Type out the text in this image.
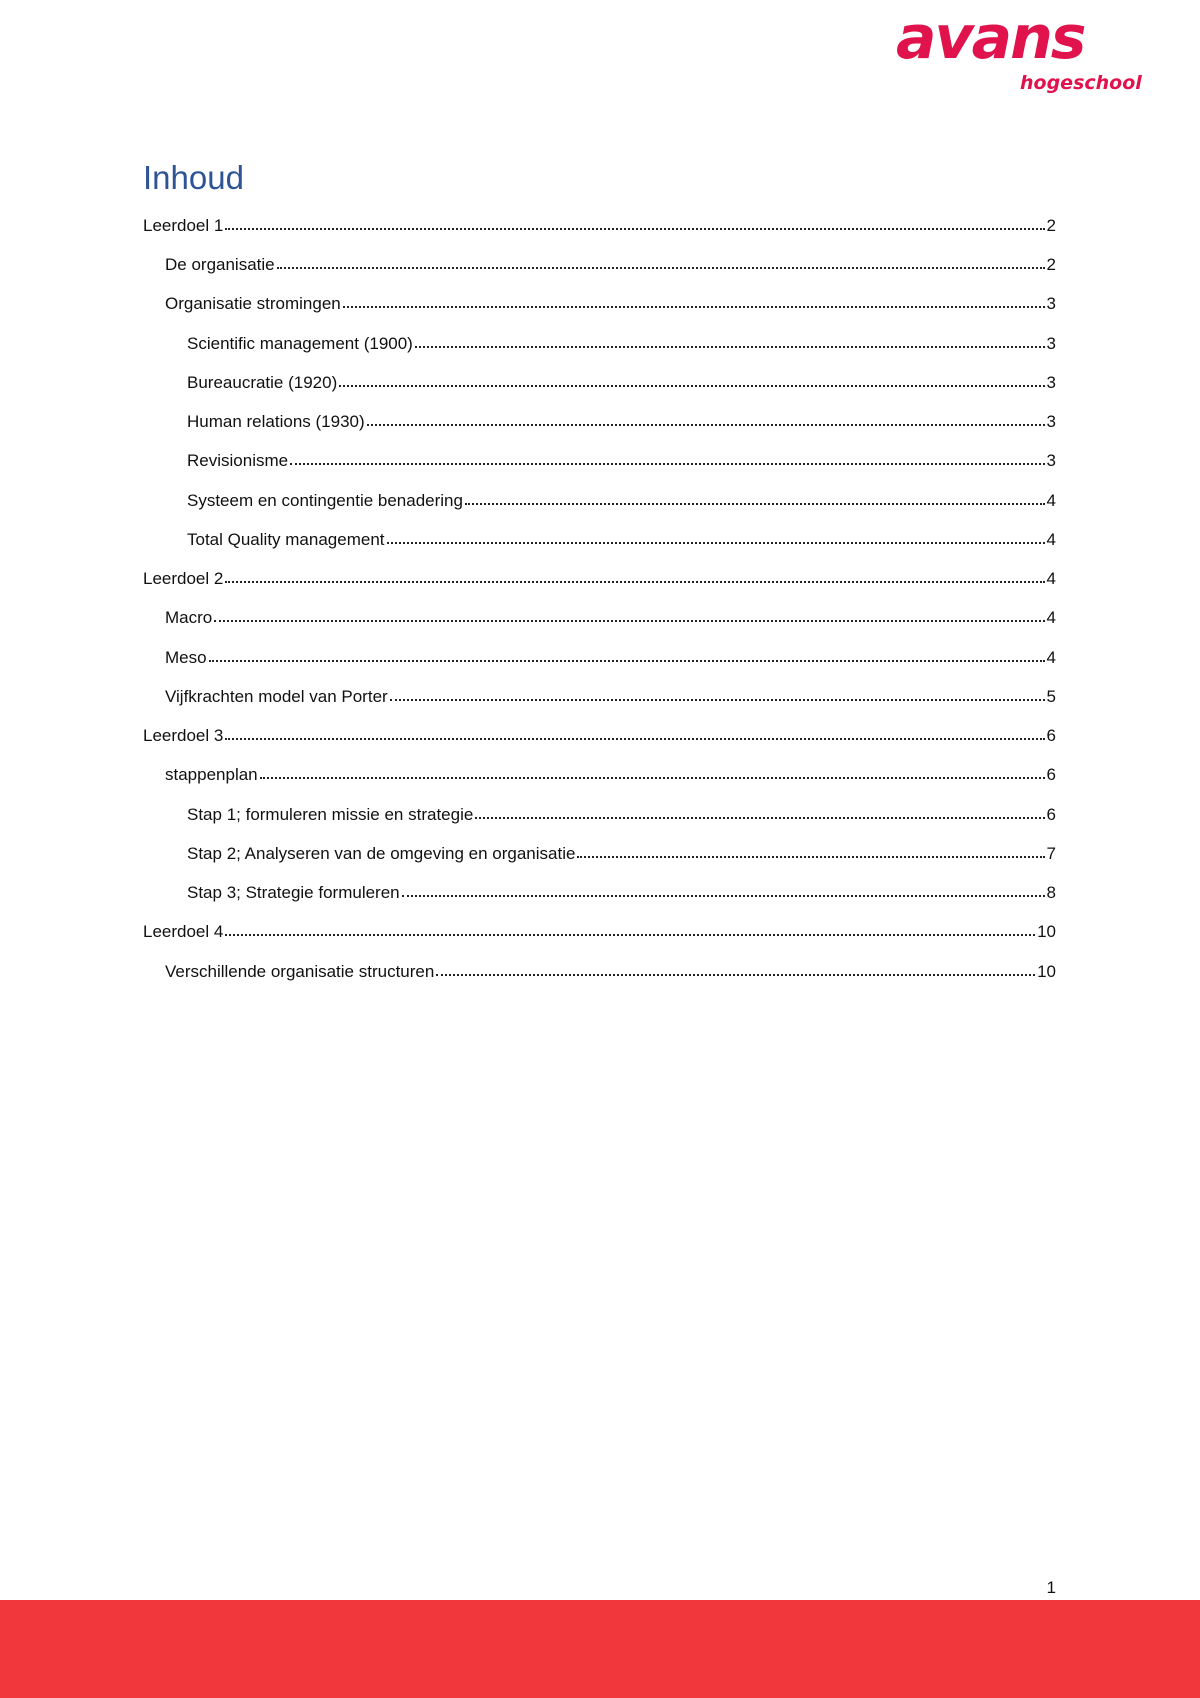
avans
hogeschool
Inhoud
Leerdoel 1	2
De organisatie	2
Organisatie stromingen	3
Scientific management (1900)	3
Bureaucratie (1920)	3
Human relations (1930)	3
Revisionisme	3
Systeem en contingentie benadering	4
Total Quality management	4
Leerdoel 2	4
Macro	4
Meso	4
Vijfkrachten model van Porter	5
Leerdoel 3	6
stappenplan	6
Stap 1; formuleren missie en strategie	6
Stap 2; Analyseren van de omgeving en organisatie	7
Stap 3; Strategie formuleren	8
Leerdoel 4	10
Verschillende organisatie structuren	10
1
